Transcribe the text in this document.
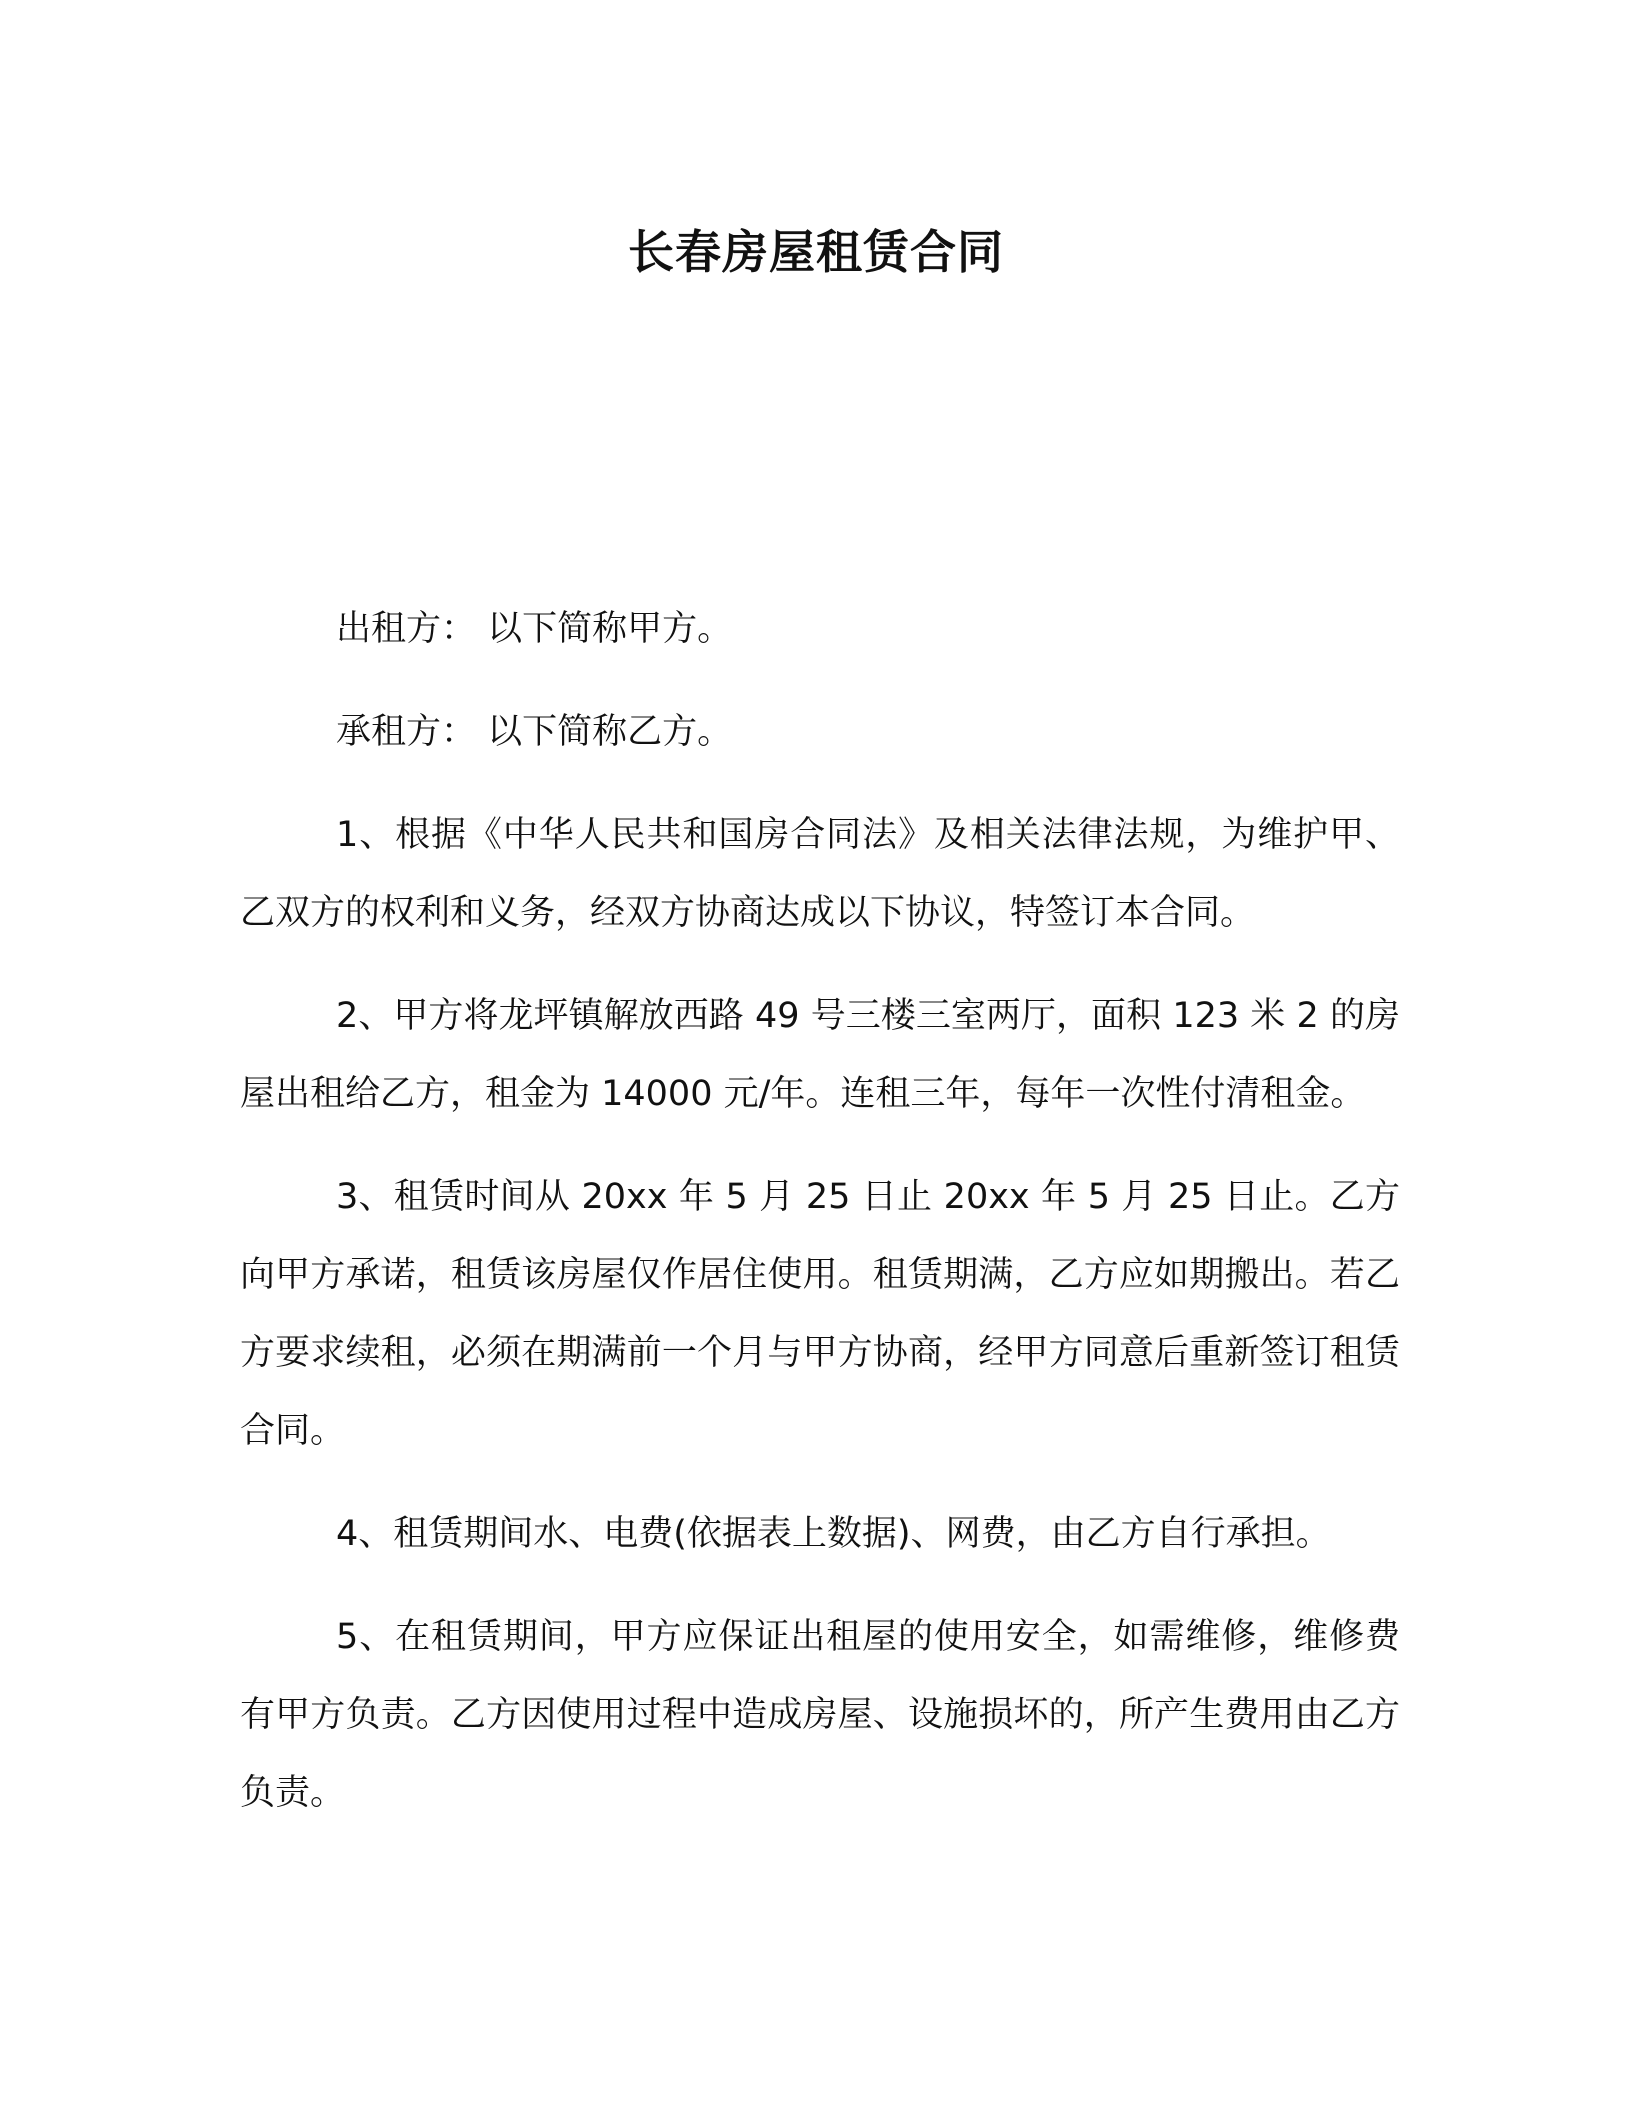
长春房屋租赁合同

出租方： 以下简称甲方。

承租方： 以下简称乙方。

1、根据《中华人民共和国房合同法》及相关法律法规，为维护甲、乙双方的权利和义务，经双方协商达成以下协议，特签订本合同。

2、甲方将龙坪镇解放西路 49 号三楼三室两厅，面积 123 米 2 的房屋出租给乙方，租金为 14000 元/年。连租三年，每年一次性付清租金。

3、租赁时间从 20xx 年 5 月 25 日止 20xx 年 5 月 25 日止。乙方向甲方承诺，租赁该房屋仅作居住使用。租赁期满，乙方应如期搬出。若乙方要求续租，必须在期满前一个月与甲方协商，经甲方同意后重新签订租赁合同。

4、租赁期间水、电费(依据表上数据)、网费，由乙方自行承担。

5、在租赁期间，甲方应保证出租屋的使用安全，如需维修，维修费有甲方负责。乙方因使用过程中造成房屋、设施损坏的，所产生费用由乙方负责。
